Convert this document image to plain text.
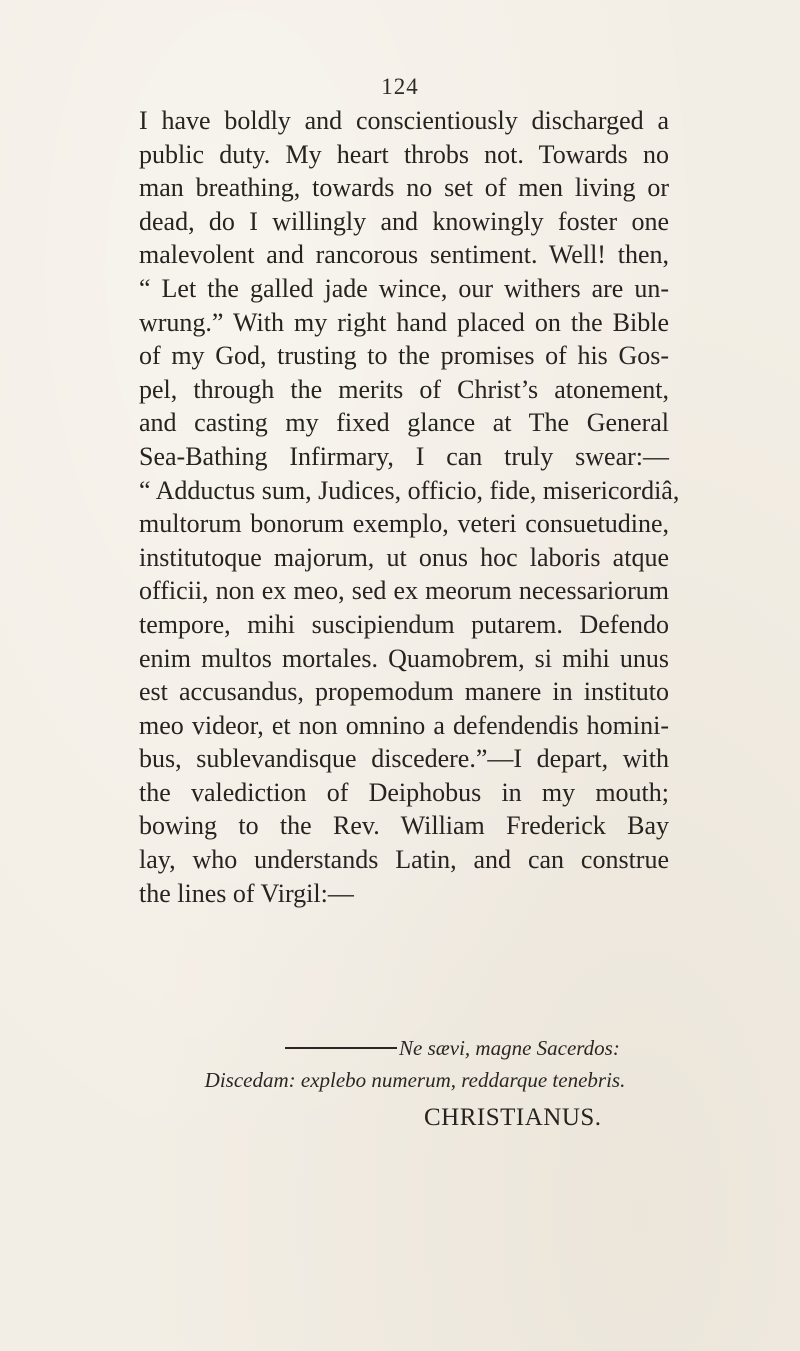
124
I have boldly and conscientiously discharged a
public duty. My heart throbs not. Towards no
man breathing, towards no set of men living or
dead, do I willingly and knowingly foster one
malevolent and rancorous sentiment. Well! then,
“ Let the galled jade wince, our withers are un-
wrung.” With my right hand placed on the Bible
of my God, trusting to the promises of his Gos-
pel, through the merits of Christ’s atonement,
and casting my fixed glance at The General
Sea-Bathing Infirmary, I can truly swear:—
“ Adductus sum, Judices, officio, fide, misericordiâ,
multorum bonorum exemplo, veteri consuetudine,
institutoque majorum, ut onus hoc laboris atque
officii, non ex meo, sed ex meorum necessariorum
tempore, mihi suscipiendum putarem. Defendo
enim multos mortales. Quamobrem, si mihi unus
est accusandus, propemodum manere in instituto
meo videor, et non omnino a defendendis homini-
bus, sublevandisque discedere.”—I depart, with
the valediction of Deiphobus in my mouth;
bowing to the Rev. William Frederick Bay
lay, who understands Latin, and can construe
the lines of Virgil:—
Ne sævi, magne Sacerdos:
Discedam: explebo numerum, reddarque tenebris.
CHRISTIANUS.
